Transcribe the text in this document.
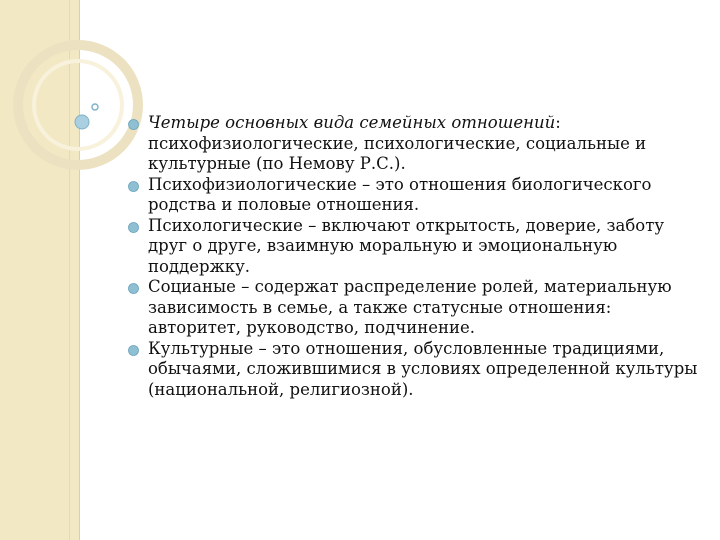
Четыре основных вида семейных отношений: психофизиологические, психологические, социальные и культурные (по Немову Р.С.).
Психофизиологические – это отношения биологического родства и половые отношения.
Психологические – включают открытость, доверие, заботу друг о друге, взаимную моральную и эмоциональную поддержку.
Социаные – содержат распределение ролей, материальную зависимость в семье, а также статусные отношения: авторитет, руководство, подчинение.
Культурные – это отношения, обусловленные традициями, обычаями, сложившимися в условиях определенной культуры (национальной, религиозной).
